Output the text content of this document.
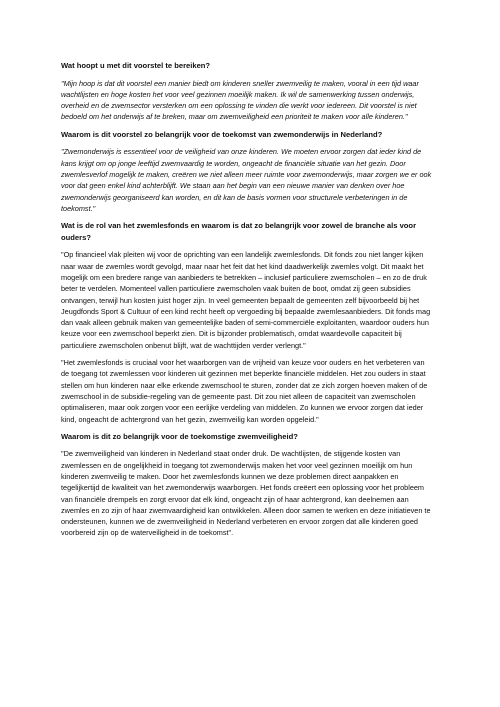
Wat hoopt u met dit voorstel te bereiken?

"Mijn hoop is dat dit voorstel een manier biedt om kinderen sneller zwemveilig te maken, vooral in een tijd waar wachtlijsten en hoge kosten het voor veel gezinnen moeilijk maken. Ik wil de samenwerking tussen onderwijs, overheid en de zwemsector versterken om een oplossing te vinden die werkt voor iedereen. Dit voorstel is niet bedoeld om het onderwijs af te breken, maar om zwemveiligheid een prioriteit te maken voor alle kinderen."

Waarom is dit voorstel zo belangrijk voor de toekomst van zwemonderwijs in Nederland?

"Zwemonderwijs is essentieel voor de veiligheid van onze kinderen. We moeten ervoor zorgen dat ieder kind de kans krijgt om op jonge leeftijd zwemvaardig te worden, ongeacht de financiële situatie van het gezin. Door zwemlesverlof mogelijk te maken, creëren we niet alleen meer ruimte voor zwemonderwijs, maar zorgen we er ook voor dat geen enkel kind achterblijft. We staan aan het begin van een nieuwe manier van denken over hoe zwemonderwijs georganiseerd kan worden, en dit kan de basis vormen voor structurele verbeteringen in de toekomst."

Wat is de rol van het zwemlesfonds en waarom is dat zo belangrijk voor zowel de branche als voor ouders?

"Op financieel vlak pleiten wij voor de oprichting van een landelijk zwemlesfonds. Dit fonds zou niet langer kijken naar waar de zwemles wordt gevolgd, maar naar het feit dat het kind daadwerkelijk zwemles volgt. Dit maakt het mogelijk om een bredere range van aanbieders te betrekken – inclusief particuliere zwemscholen – en zo de druk beter te verdelen. Momenteel vallen particuliere zwemscholen vaak buiten de boot, omdat zij geen subsidies ontvangen, terwijl hun kosten juist hoger zijn. In veel gemeenten bepaalt de gemeenten zelf bijvoorbeeld bij het Jeugdfonds Sport & Cultuur of een kind recht heeft op vergoeding bij bepaalde zwemlesaanbieders. Dit fonds mag dan vaak alleen gebruik maken van gemeentelijke baden of semi-commerciële exploitanten, waardoor ouders hun keuze voor een zwemschool beperkt zien. Dit is bijzonder problematisch, omdat waardevolle capaciteit bij particuliere zwemscholen onbenut blijft, wat de wachttijden verder verlengt."

"Het zwemlesfonds is cruciaal voor het waarborgen van de vrijheid van keuze voor ouders en het verbeteren van de toegang tot zwemlessen voor kinderen uit gezinnen met beperkte financiële middelen. Het zou ouders in staat stellen om hun kinderen naar elke erkende zwemschool te sturen, zonder dat ze zich zorgen hoeven maken of de zwemschool in de subsidie-regeling van de gemeente past. Dit zou niet alleen de capaciteit van zwemscholen optimaliseren, maar ook zorgen voor een eerlijke verdeling van middelen. Zo kunnen we ervoor zorgen dat ieder kind, ongeacht de achtergrond van het gezin, zwemveilig kan worden opgeleid."

Waarom is dit zo belangrijk voor de toekomstige zwemveiligheid?

"De zwemveiligheid van kinderen in Nederland staat onder druk. De wachtlijsten, de stijgende kosten van zwemlessen en de ongelijkheid in toegang tot zwemonderwijs maken het voor veel gezinnen moeilijk om hun kinderen zwemveilig te maken. Door het zwemlesfonds kunnen we deze problemen direct aanpakken en tegelijkertijd de kwaliteit van het zwemonderwijs waarborgen. Het fonds creëert een oplossing voor het probleem van financiële drempels en zorgt ervoor dat elk kind, ongeacht zijn of haar achtergrond, kan deelnemen aan zwemles en zo zijn of haar zwemvaardigheid kan ontwikkelen. Alleen door samen te werken en deze initiatieven te ondersteunen, kunnen we de zwemveiligheid in Nederland verbeteren en ervoor zorgen dat alle kinderen goed voorbereid zijn op de waterveiligheid in de toekomst".
